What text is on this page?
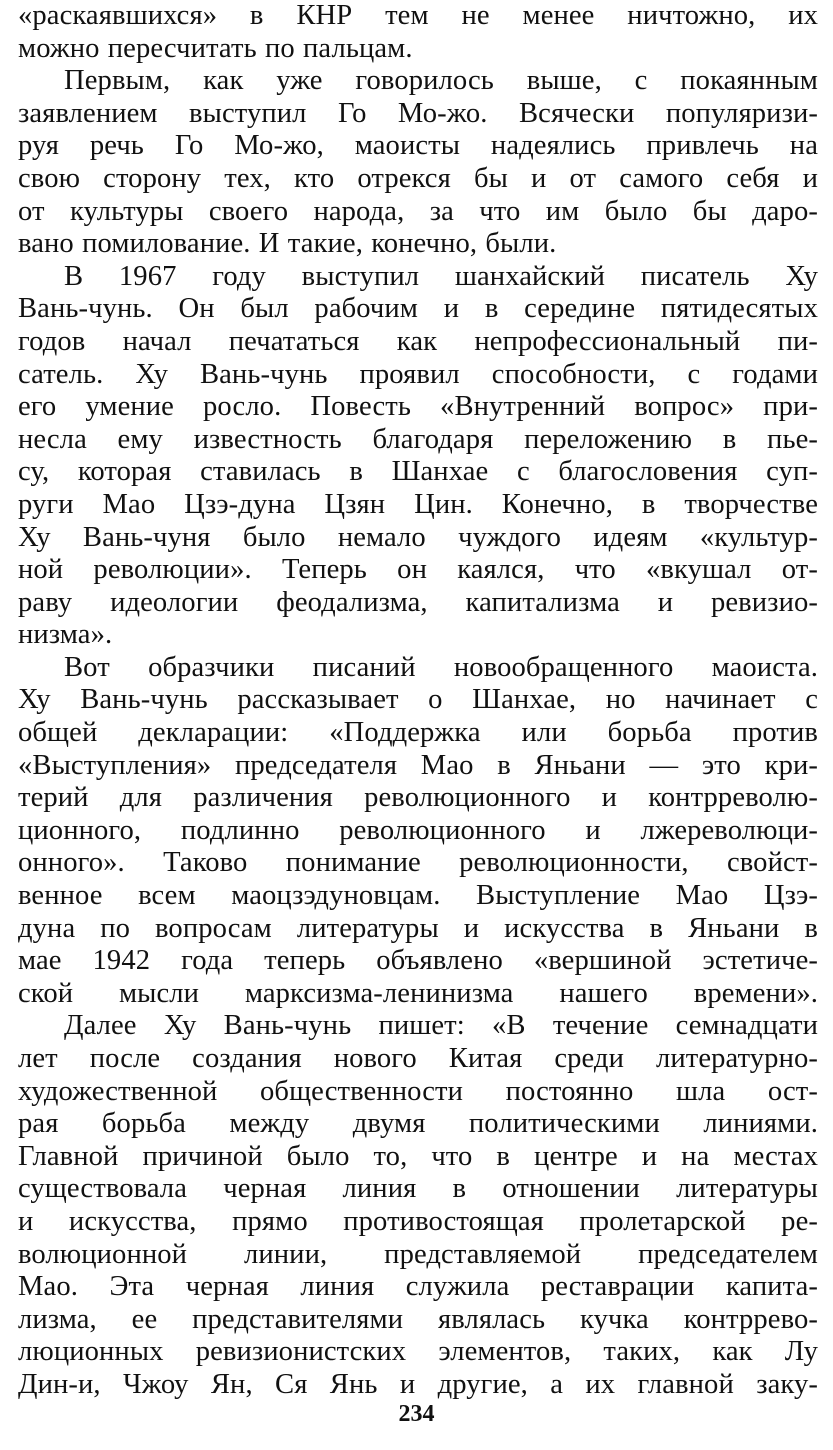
«раскаявшихся» в КНР тем не менее ничтожно, их
можно пересчитать по пальцам.
Первым, как уже говорилось выше, с покаянным
заявлением выступил Го Мо-жо. Всячески популяризи-
руя речь Го Мо-жо, маоисты надеялись привлечь на
свою сторону тех, кто отрекся бы и от самого себя и
от культуры своего народа, за что им было бы даро-
вано помилование. И такие, конечно, были.
В 1967 году выступил шанхайский писатель Ху
Вань-чунь. Он был рабочим и в середине пятидесятых
годов начал печататься как непрофессиональный пи-
сатель. Ху Вань-чунь проявил способности, с годами
его умение росло. Повесть «Внутренний вопрос» при-
несла ему известность благодаря переложению в пье-
су, которая ставилась в Шанхае с благословения суп-
руги Мао Цзэ-дуна Цзян Цин. Конечно, в творчестве
Ху Вань-чуня было немало чуждого идеям «культур-
ной революции». Теперь он каялся, что «вкушал от-
раву идеологии феодализма, капитализма и ревизио-
низма».
Вот образчики писаний новообращенного маоиста.
Ху Вань-чунь рассказывает о Шанхае, но начинает с
общей декларации: «Поддержка или борьба против
«Выступления» председателя Мао в Яньани — это кри-
терий для различения революционного и контрреволю-
ционного, подлинно революционного и лжереволюци-
онного». Таково понимание революционности, свойст-
венное всем маоцзэдуновцам. Выступление Мао Цзэ-
дуна по вопросам литературы и искусства в Яньани в
мае 1942 года теперь объявлено «вершиной эстетиче-
ской мысли марксизма-ленинизма нашего времени».
Далее Ху Вань-чунь пишет: «В течение семнадцати
лет после создания нового Китая среди литературно-
художественной общественности постоянно шла ост-
рая борьба между двумя политическими линиями.
Главной причиной было то, что в центре и на местах
существовала черная линия в отношении литературы
и искусства, прямо противостоящая пролетарской ре-
волюционной линии, представляемой председателем
Мао. Эта черная линия служила реставрации капита-
лизма, ее представителями являлась кучка контррево-
люционных ревизионистских элементов, таких, как Лу
Дин-и, Чжоу Ян, Ся Янь и другие, а их главной заку-
234
